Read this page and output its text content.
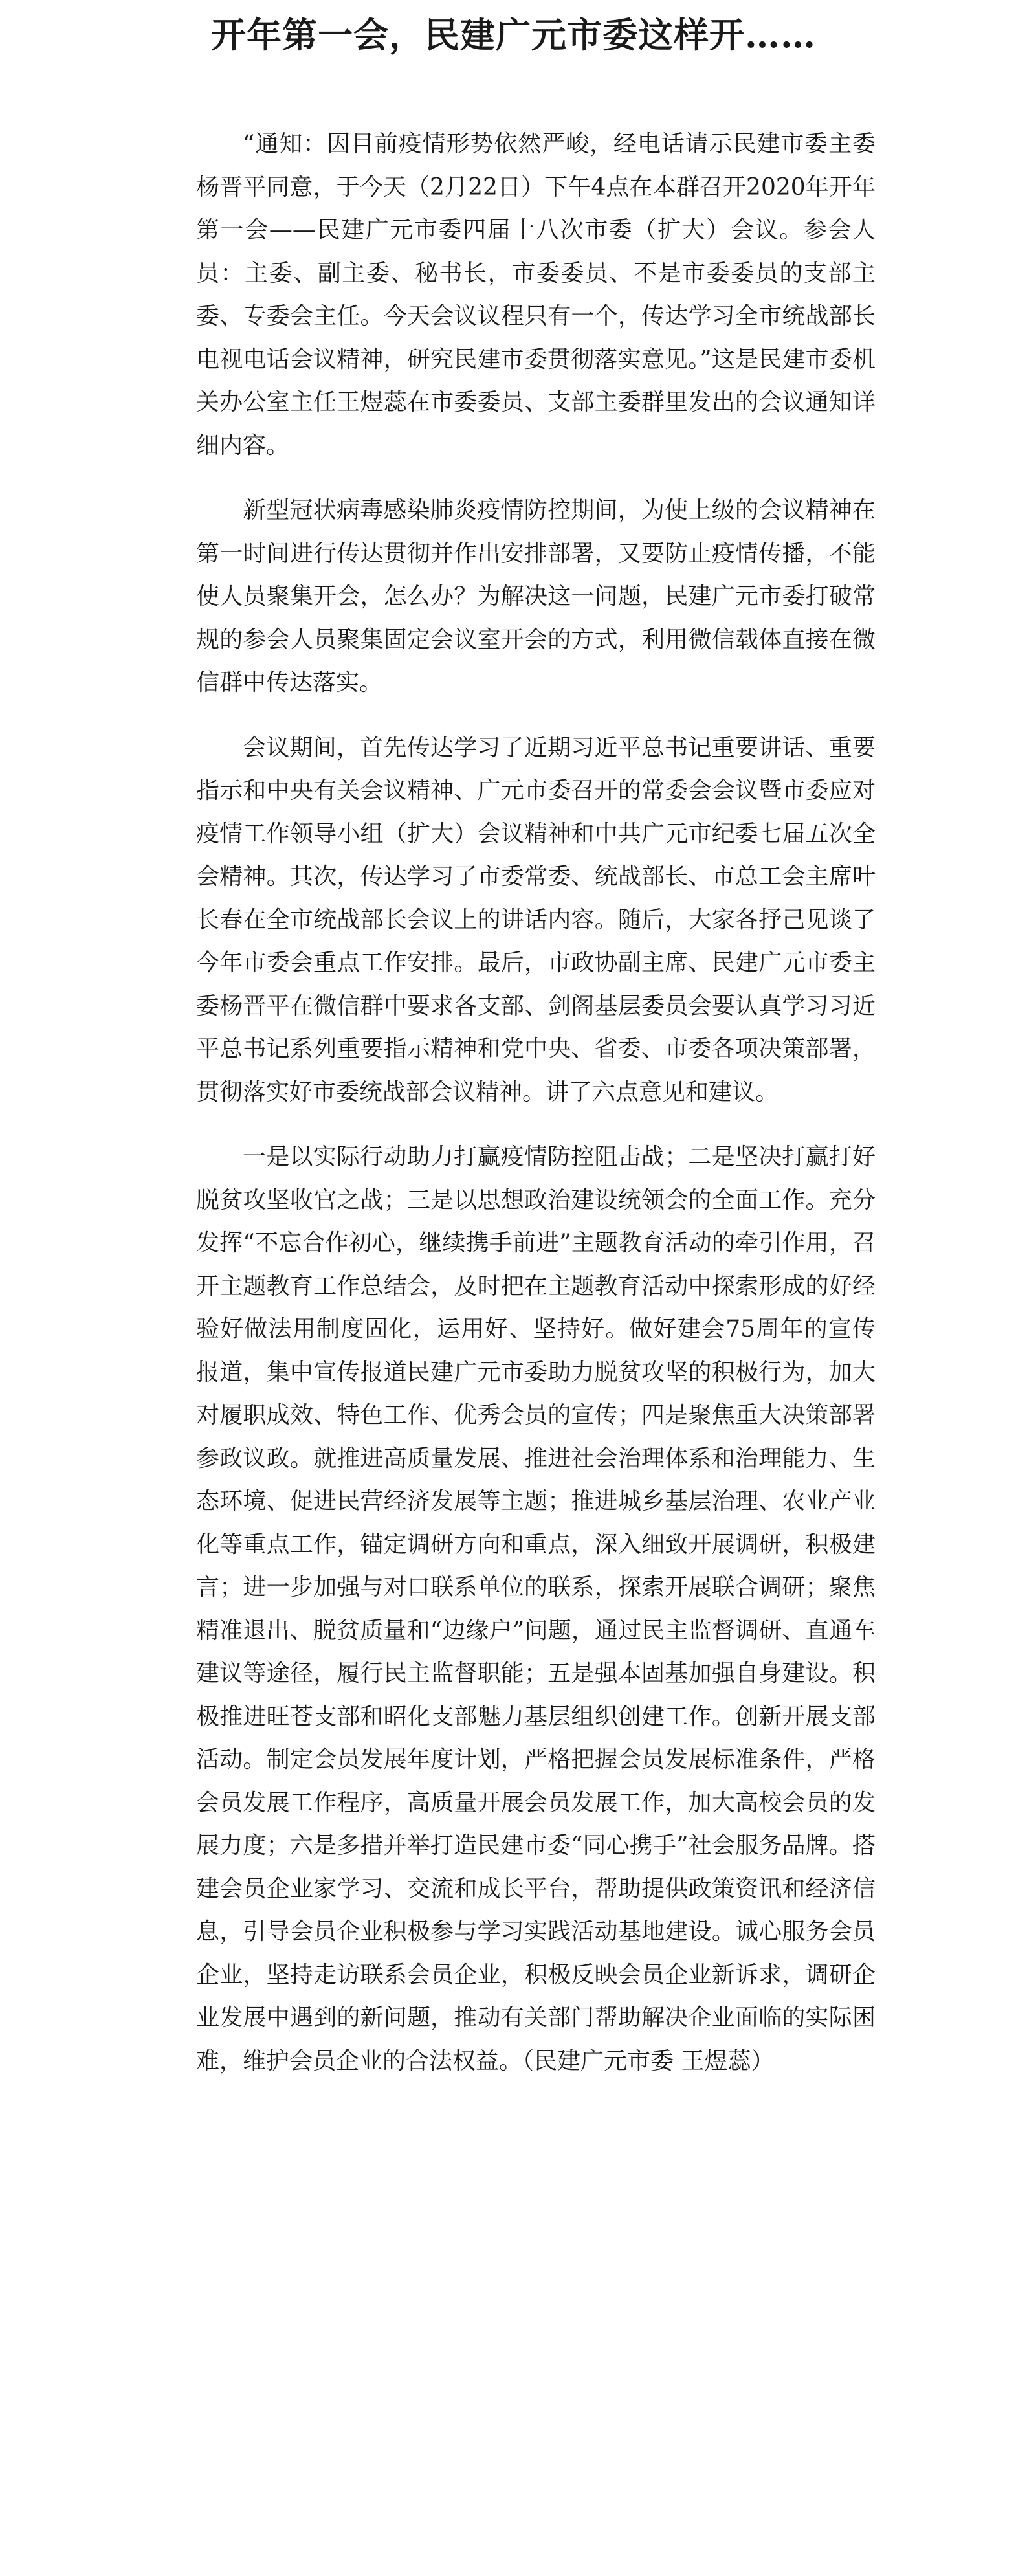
开年第一会，民建广元市委这样开……

“通知：因目前疫情形势依然严峻，经电话请示民建市委主委杨晋平同意，于今天（2月22日）下午4点在本群召开2020年开年第一会——民建广元市委四届十八次市委（扩大）会议。参会人员：主委、副主委、秘书长，市委委员、不是市委委员的支部主委、专委会主任。今天会议议程只有一个，传达学习全市统战部长电视电话会议精神，研究民建市委贯彻落实意见。”这是民建市委机关办公室主任王煜蕊在市委委员、支部主委群里发出的会议通知详细内容。

新型冠状病毒感染肺炎疫情防控期间，为使上级的会议精神在第一时间进行传达贯彻并作出安排部署，又要防止疫情传播，不能使人员聚集开会，怎么办？为解决这一问题，民建广元市委打破常规的参会人员聚集固定会议室开会的方式，利用微信载体直接在微信群中传达落实。

会议期间，首先传达学习了近期习近平总书记重要讲话、重要指示和中央有关会议精神、广元市委召开的常委会会议暨市委应对疫情工作领导小组（扩大）会议精神和中共广元市纪委七届五次全会精神。其次，传达学习了市委常委、统战部长、市总工会主席叶长春在全市统战部长会议上的讲话内容。随后，大家各抒己见谈了今年市委会重点工作安排。最后，市政协副主席、民建广元市委主委杨晋平在微信群中要求各支部、剑阁基层委员会要认真学习习近平总书记系列重要指示精神和党中央、省委、市委各项决策部署，贯彻落实好市委统战部会议精神。讲了六点意见和建议。

一是以实际行动助力打赢疫情防控阻击战；二是坚决打赢打好脱贫攻坚收官之战；三是以思想政治建设统领会的全面工作。充分发挥“不忘合作初心，继续携手前进”主题教育活动的牵引作用，召开主题教育工作总结会，及时把在主题教育活动中探索形成的好经验好做法用制度固化，运用好、坚持好。做好建会75周年的宣传报道，集中宣传报道民建广元市委助力脱贫攻坚的积极行为，加大对履职成效、特色工作、优秀会员的宣传；四是聚焦重大决策部署参政议政。就推进高质量发展、推进社会治理体系和治理能力、生态环境、促进民营经济发展等主题；推进城乡基层治理、农业产业化等重点工作，锚定调研方向和重点，深入细致开展调研，积极建言；进一步加强与对口联系单位的联系，探索开展联合调研；聚焦精准退出、脱贫质量和“边缘户”问题，通过民主监督调研、直通车建议等途径，履行民主监督职能；五是强本固基加强自身建设。积极推进旺苍支部和昭化支部魅力基层组织创建工作。创新开展支部活动。制定会员发展年度计划，严格把握会员发展标准条件，严格会员发展工作程序，高质量开展会员发展工作，加大高校会员的发展力度；六是多措并举打造民建市委“同心携手”社会服务品牌。搭建会员企业家学习、交流和成长平台，帮助提供政策资讯和经济信息，引导会员企业积极参与学习实践活动基地建设。诚心服务会员企业，坚持走访联系会员企业，积极反映会员企业新诉求，调研企业发展中遇到的新问题，推动有关部门帮助解决企业面临的实际困难，维护会员企业的合法权益。（民建广元市委 王煜蕊）
